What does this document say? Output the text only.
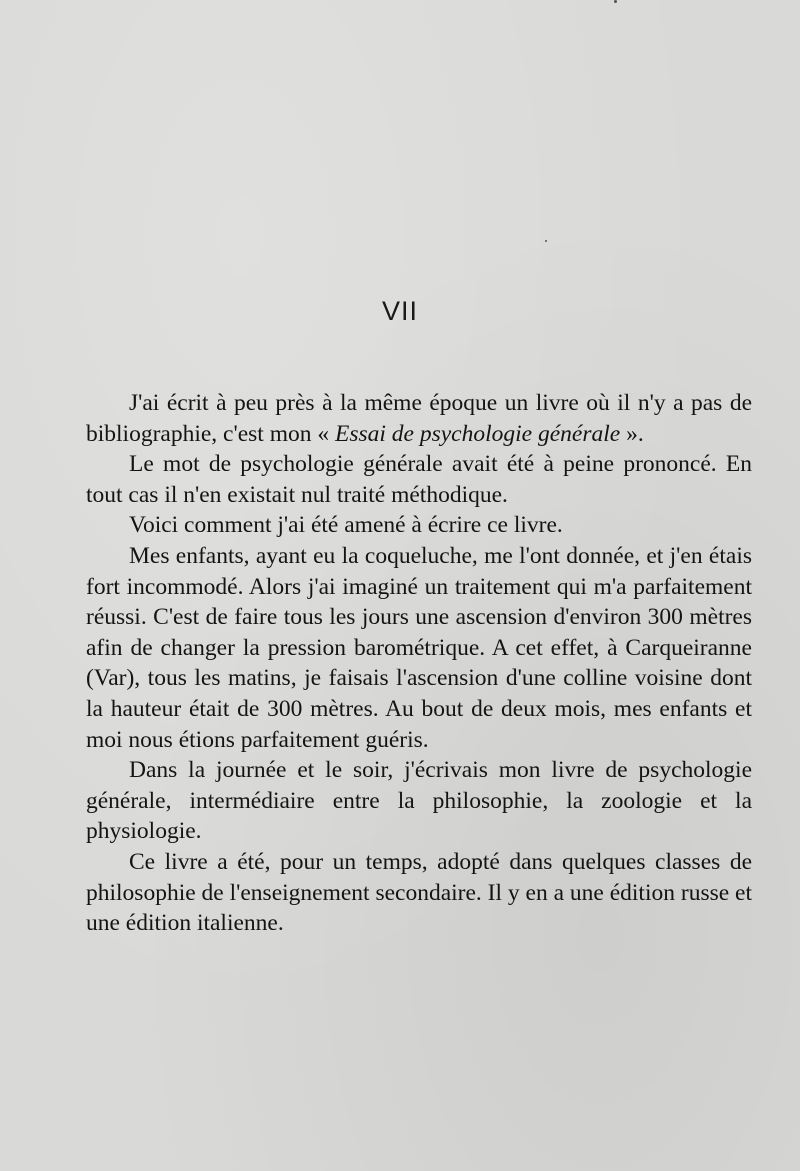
VII

J'ai écrit à peu près à la même époque un livre où il n'y a pas de bibliographie, c'est mon « Essai de psychologie générale ».

Le mot de psychologie générale avait été à peine prononcé. En tout cas il n'en existait nul traité méthodique.

Voici comment j'ai été amené à écrire ce livre.

Mes enfants, ayant eu la coqueluche, me l'ont donnée, et j'en étais fort incommodé. Alors j'ai imaginé un traitement qui m'a parfaitement réussi. C'est de faire tous les jours une ascension d'environ 300 mètres afin de changer la pression barométrique. A cet effet, à Carqueiranne (Var), tous les matins, je faisais l'ascension d'une colline voisine dont la hauteur était de 300 mètres. Au bout de deux mois, mes enfants et moi nous étions parfaitement guéris.

Dans la journée et le soir, j'écrivais mon livre de psychologie générale, intermédiaire entre la philosophie, la zoologie et la physiologie.

Ce livre a été, pour un temps, adopté dans quelques classes de philosophie de l'enseignement secondaire. Il y en a une édition russe et une édition italienne.
